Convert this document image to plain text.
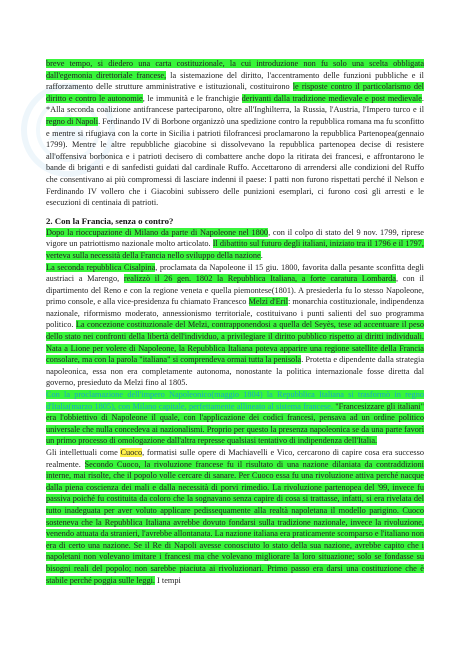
breve tempo, si diedero una carta costituzionale, la cui introduzione non fu solo una scelta obbligata dall'egemonia direttoriale francese, la sistemazione del diritto, l'accentramento delle funzioni pubbliche e il rafforzamento delle strutture amministrative e istituzionali, costituirono le risposte contro il particolarismo del diritto e contro le autonomie, le immunità e le franchigie derivanti dalla tradizione medievale e post medievale. *Alla seconda coalizione antifrancese parteciparono, oltre all'Inghilterra, la Russia, l'Austria, l'Impero turco e il regno di Napoli. Ferdinando IV di Borbone organizzò una spedizione contro la repubblica romana ma fu sconfitto e mentre si rifugiava con la corte in Sicilia i patrioti filofrancesi proclamarono la repubblica Partenopea(gennaio 1799). Mentre le altre repubbliche giacobine si dissolvevano la repubblica partenopea decise di resistere all'offensiva borbonica e i patrioti decisero di combattere anche dopo la ritirata dei francesi, e affrontarono le bande di briganti e di sanfedisti guidati dal cardinale Ruffo. Accettarono di arrendersi alle condizioni del Ruffo che consentivano ai più compromessi di lasciare indenni il paese: I patti non furono rispettati perché il Nelson e Ferdinando IV vollero che i Giacobini subissero delle punizioni esemplari, ci furono così gli arresti e le esecuzioni di centinaia di patrioti.

2. Con la Francia, senza o contro?

Dopo la rioccupazione di Milano da parte di Napoleone nel 1800, con il colpo di stato del 9 nov. 1799, riprese vigore un patriottismo nazionale molto articolato. Il dibattito sul futuro degli italiani, iniziato tra il 1796 e il 1797, verteva sulla necessità della Francia nello sviluppo della nazione.
La seconda repubblica Cisalpina, proclamata da Napoleone il 15 giu. 1800, favorita dalla pesante sconfitta degli austriaci a Marengo, realizzò il 26 gen. 1802 la Repubblica Italiana, a forte caratura Lombarda, con il dipartimento del Reno e con la regione veneta e quella piemontese(1801). A presiederla fu lo stesso Napoleone, primo console, e alla vice-presidenza fu chiamato Francesco Melzi d'Eril: monarchia costituzionale, indipendenza nazionale, riformismo moderato, annessionismo territoriale, costituivano i punti salienti del suo programma politico. La concezione costituzionale del Melzi, contrapponendosi a quella del Seyès, tese ad accentuare il peso dello stato nei confronti della libertà dell'individuo, a privilegiare il diritto pubblico rispetto ai diritti individuali. Nata a Lione per volere di Napoleone, la Repubblica Italiana poteva apparire una regione satellite della Francia consolare, ma con la parola "italiana" si comprendeva ormai tutta la penisola. Protetta e dipendente dalla strategia napoleonica, essa non era completamente autonoma, nonostante la politica internazionale fosse diretta dal governo, presieduto da Melzi fino al 1805.
Con la proclamazione dell'impero Napoleonico(maggio 1804) la Repubblica Italiana si trasformò in regno d'Italia(marzo 1805), con Milano capitale, perfettamente allineato al sistema francese. "Francesizzare gli italiani" era l'obbiettivo di Napoleone il quale, con l'applicazione dei codici francesi, pensava ad un ordine politico universale che nulla concedeva ai nazionalismi. Proprio per questo la presenza napoleonica se da una parte favorì un primo processo di omologazione dall'altra represse qualsiasi tentativo di indipendenza dell'Italia.

Gli intellettuali come Cuoco, formatisi sulle opere di Machiavelli e Vico, cercarono di capire cosa era successo realmente. Secondo Cuoco, la rivoluzione francese fu il risultato di una nazione dilaniata da contraddizioni interne, mai risolte, che il popolo volle cercare di sanare. Per Cuoco essa fu una rivoluzione attiva perché nacque dalla piena coscienza dei mali e dalla necessità di porvi rimedio. La rivoluzione partenopea del '99, invece fu passiva poiché fu costituita da coloro che la sognavano senza capire di cosa si trattasse, infatti, si era rivelata del tutto inadeguata per aver voluto applicare pedissequamente alla realtà napoletana il modello parigino. Cuoco sosteneva che la Repubblica Italiana avrebbe dovuto fondarsi sulla tradizione nazionale, invece la rivoluzione, venendo attuata da stranieri, l'avrebbe allontanata. La nazione italiana era praticamente scomparso e l'italiano non era di certo una nazione. Se il Re di Napoli avesse conosciuto lo stato della sua nazione, avrebbe capito che i napoletani non volevano imitare i francesi ma che volevano migliorare la loro situazione; solo se fondasse su bisogni reali del popolo; non sarebbe piaciuta ai rivoluzionari. Primo passo era darsi una costituzione che è stabile perché poggia sulle leggi. I tempi
